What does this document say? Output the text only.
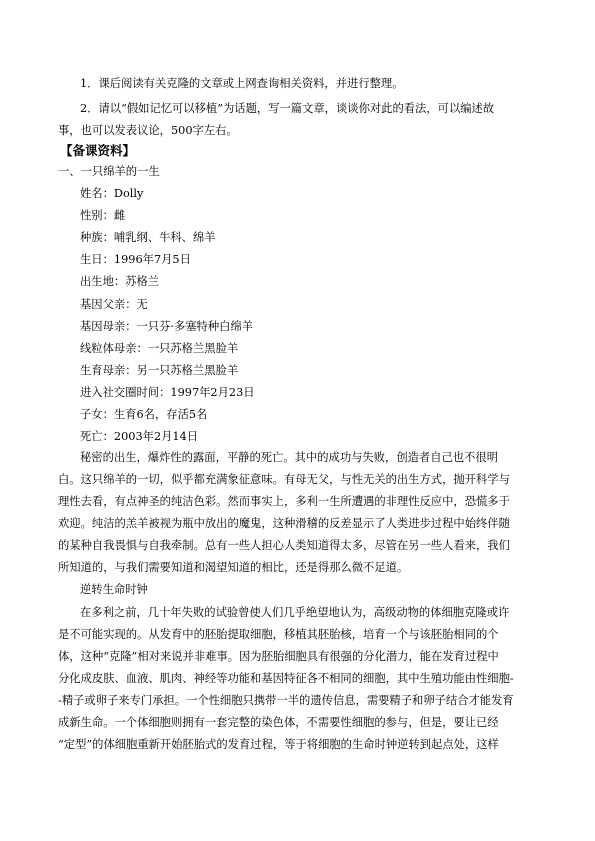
1．课后阅读有关克隆的文章或上网查询相关资料，并进行整理。
2．请以“假如记忆可以移植”为话题，写一篇文章，谈谈你对此的看法，可以编述故
事，也可以发表议论，500字左右。
【备课资料】
一、一只绵羊的一生
姓名：Dolly
性别：雌
种族：哺乳纲、牛科、绵羊
生日：1996年7月5日
出生地：苏格兰
基因父亲：无
基因母亲：一只芬·多塞特种白绵羊
线粒体母亲：一只苏格兰黑脸羊
生育母亲：另一只苏格兰黑脸羊
进入社交圈时间：1997年2月23日
子女：生育6名，存活5名
死亡：2003年2月14日
秘密的出生，爆炸性的露面，平静的死亡。其中的成功与失败，创造者自己也不很明
白。这只绵羊的一切，似乎都充满象征意味。有母无父，与性无关的出生方式，抛开科学与
理性去看，有点神圣的纯洁色彩。然而事实上，多利一生所遭遇的非理性反应中，恐慌多于
欢迎。纯洁的羔羊被视为瓶中放出的魔鬼，这种滑稽的反差显示了人类进步过程中始终伴随
的某种自我畏惧与自我牵制。总有一些人担心人类知道得太多，尽管在另一些人看来，我们
所知道的，与我们需要知道和渴望知道的相比，还是得那么微不足道。
逆转生命时钟
在多利之前，几十年失败的试验曾使人们几乎绝望地认为，高级动物的体细胞克隆或许
是不可能实现的。从发育中的胚胎提取细胞，移植其胚胎核，培育一个与该胚胎相同的个
体，这种“克隆”相对来说并非难事。因为胚胎细胞具有很强的分化潜力，能在发育过程中
分化成皮肤、血液、肌肉、神经等功能和基因特征各不相同的细胞，其中生殖功能由性细胞-
-精子或卵子来专门承担。一个性细胞只携带一半的遗传信息，需要精子和卵子结合才能发育
成新生命。一个体细胞则拥有一套完整的染色体，不需要性细胞的参与，但是，要让已经
“定型”的体细胞重新开始胚胎式的发育过程，等于将细胞的生命时钟逆转到起点处，这样
